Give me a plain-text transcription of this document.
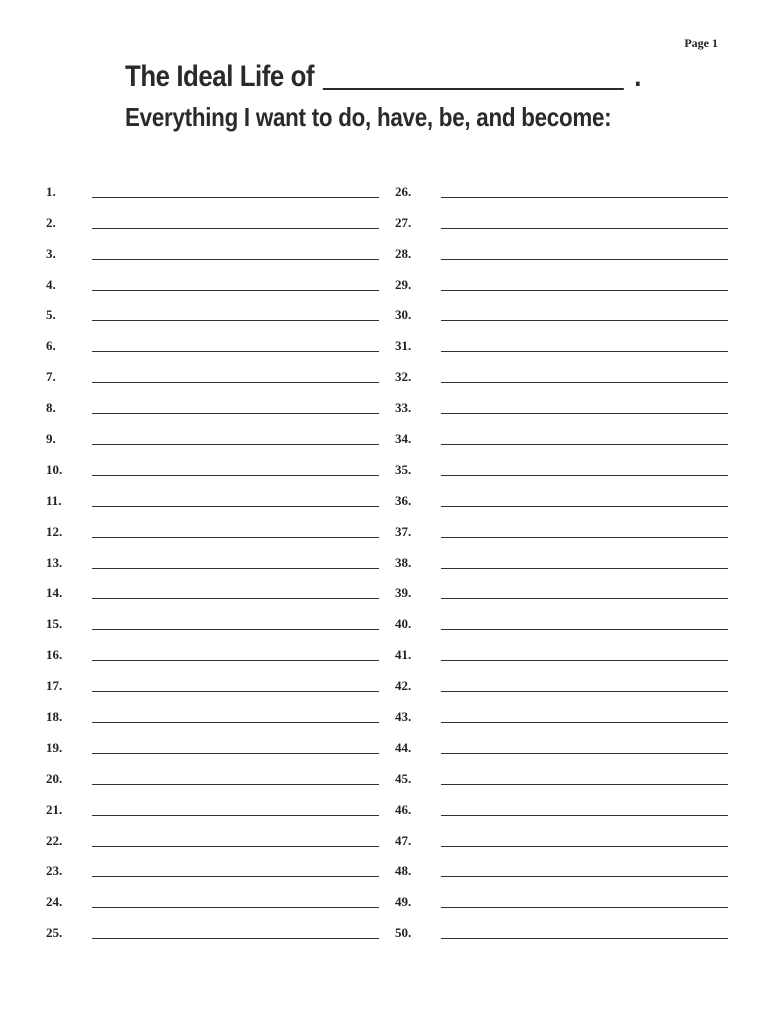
Page 1
The Ideal Life of	.
Everything I want to do, have, be, and become:
1.
2.
3.
4.
5.
6.
7.
8.
9.
10.
11.
12.
13.
14.
15.
16.
17.
18.
19.
20.
21.
22.
23.
24.
25.
26.
27.
28.
29.
30.
31.
32.
33.
34.
35.
36.
37.
38.
39.
40.
41.
42.
43.
44.
45.
46.
47.
48.
49.
50.
